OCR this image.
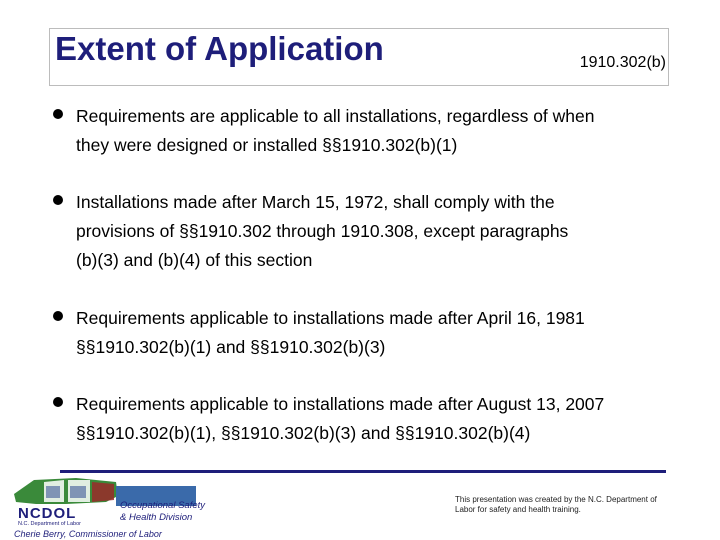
Extent of Application	1910.302(b)
Requirements are applicable to all installations, regardless of when
they were designed or installed §§1910.302(b)(1)
Installations made after March 15, 1972, shall comply with the
provisions of §§1910.302 through 1910.308, except paragraphs
(b)(3) and (b)(4) of this section
Requirements applicable to installations made after April 16, 1981
§§1910.302(b)(1) and §§1910.302(b)(3)
Requirements applicable to installations made after August 13, 2007
§§1910.302(b)(1), §§1910.302(b)(3) and §§1910.302(b)(4)
Occupational Safety
& Health Division
NCDOL
N.C. Department of Labor
Cherie Berry, Commissioner of Labor
This presentation was created by the N.C. Department of Labor for safety and health training.
